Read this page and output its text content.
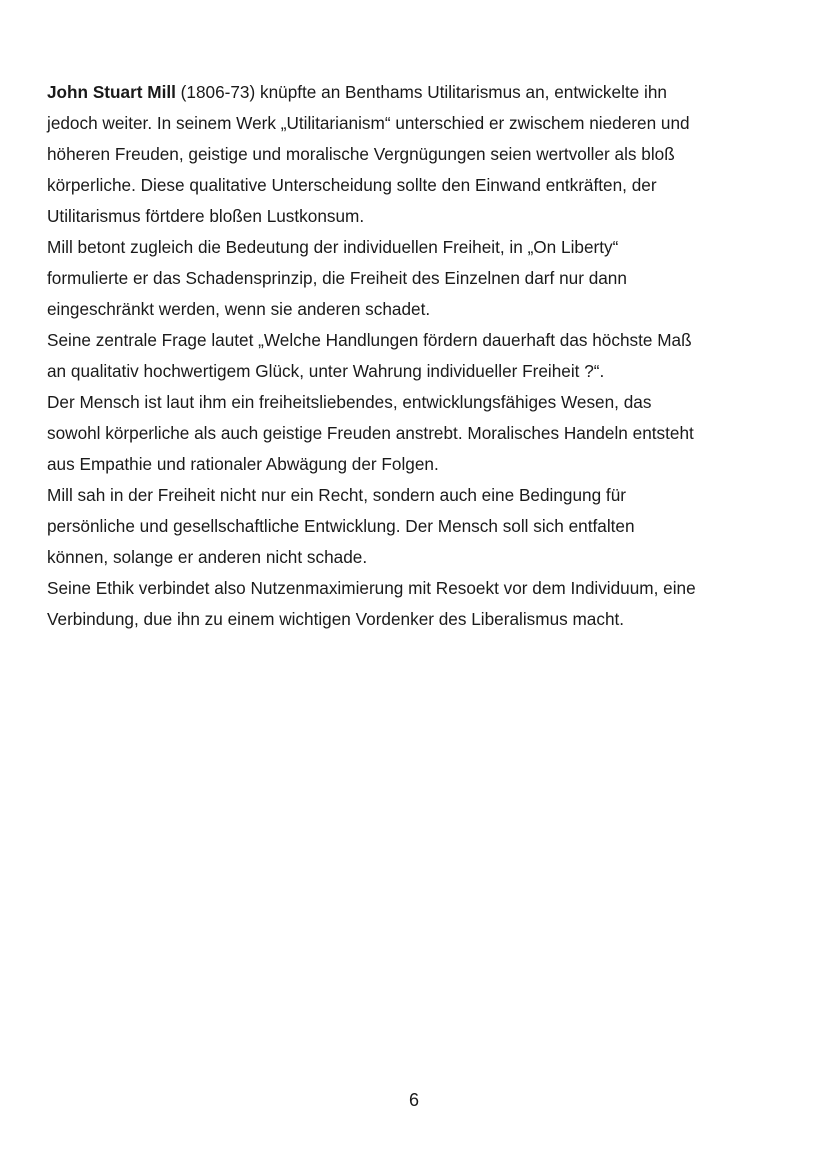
John Stuart Mill (1806-73) knüpfte an Benthams Utilitarismus an, entwickelte ihn
jedoch weiter. In seinem Werk „Utilitarianism“ unterschied er zwischem niederen und
höheren Freuden, geistige und moralische Vergnügungen seien wertvoller als bloß
körperliche. Diese qualitative Unterscheidung sollte den Einwand entkräften, der
Utilitarismus förtdere bloßen Lustkonsum.
Mill betont zugleich die Bedeutung der individuellen Freiheit, in „On Liberty“
formulierte er das Schadensprinzip, die Freiheit des Einzelnen darf nur dann
eingeschränkt werden, wenn sie anderen schadet.
Seine zentrale Frage lautet „Welche Handlungen fördern dauerhaft das höchste Maß
an qualitativ hochwertigem Glück, unter Wahrung individueller Freiheit ?“.
Der Mensch ist laut ihm ein freiheitsliebendes, entwicklungsfähiges Wesen, das
sowohl körperliche als auch geistige Freuden anstrebt. Moralisches Handeln entsteht
aus Empathie und rationaler Abwägung der Folgen.
Mill sah in der Freiheit nicht nur ein Recht, sondern auch eine Bedingung für
persönliche und gesellschaftliche Entwicklung. Der Mensch soll sich entfalten
können, solange er anderen nicht schade.
Seine Ethik verbindet also Nutzenmaximierung mit Resoekt vor dem Individuum, eine
Verbindung, due ihn zu einem wichtigen Vordenker des Liberalismus macht.
6
